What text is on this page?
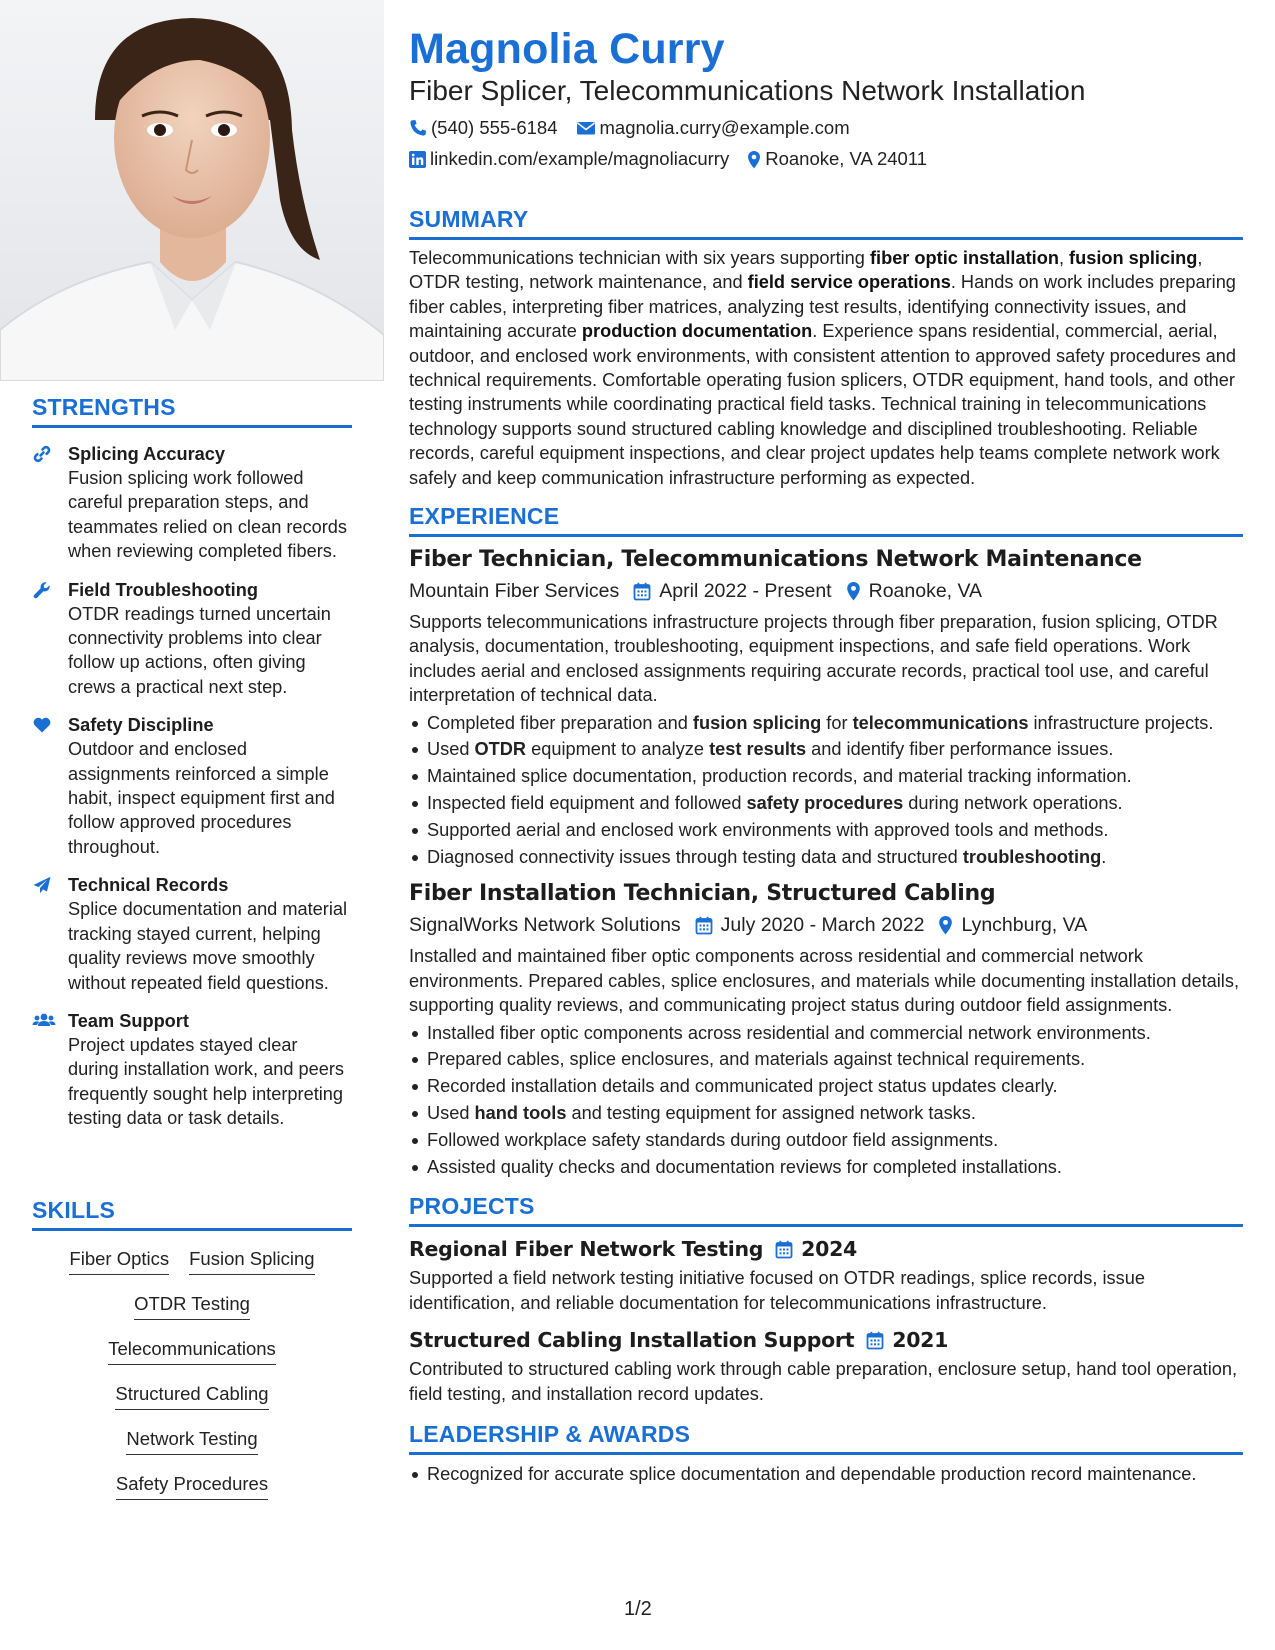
STRENGTHS
Splicing Accuracy
Fusion splicing work followed careful preparation steps, and teammates relied on clean records when reviewing completed fibers.
Field Troubleshooting
OTDR readings turned uncertain connectivity problems into clear follow up actions, often giving crews a practical next step.
Safety Discipline
Outdoor and enclosed assignments reinforced a simple habit, inspect equipment first and follow approved procedures throughout.
Technical Records
Splice documentation and material tracking stayed current, helping quality reviews move smoothly without repeated field questions.
Team Support
Project updates stayed clear during installation work, and peers frequently sought help interpreting testing data or task details.
SKILLS
Fiber Optics Fusion Splicing
OTDR Testing
Telecommunications
Structured Cabling
Network Testing
Safety Procedures
Magnolia Curry
Fiber Splicer, Telecommunications Network Installation
(540) 555-6184 magnolia.curry@example.com
linkedin.com/example/magnoliacurry Roanoke, VA 24011
SUMMARY
Telecommunications technician with six years supporting fiber optic installation, fusion splicing, OTDR testing, network maintenance, and field service operations. Hands on work includes preparing fiber cables, interpreting fiber matrices, analyzing test results, identifying connectivity issues, and maintaining accurate production documentation. Experience spans residential, commercial, aerial, outdoor, and enclosed work environments, with consistent attention to approved safety procedures and technical requirements. Comfortable operating fusion splicers, OTDR equipment, hand tools, and other testing instruments while coordinating practical field tasks. Technical training in telecommunications technology supports sound structured cabling knowledge and disciplined troubleshooting. Reliable records, careful equipment inspections, and clear project updates help teams complete network work safely and keep communication infrastructure performing as expected.
EXPERIENCE
Fiber Technician, Telecommunications Network Maintenance
Mountain Fiber Services April 2022 - Present Roanoke, VA
Supports telecommunications infrastructure projects through fiber preparation, fusion splicing, OTDR analysis, documentation, troubleshooting, equipment inspections, and safe field operations. Work includes aerial and enclosed assignments requiring accurate records, practical tool use, and careful interpretation of technical data.
Completed fiber preparation and fusion splicing for telecommunications infrastructure projects.
Used OTDR equipment to analyze test results and identify fiber performance issues.
Maintained splice documentation, production records, and material tracking information.
Inspected field equipment and followed safety procedures during network operations.
Supported aerial and enclosed work environments with approved tools and methods.
Diagnosed connectivity issues through testing data and structured troubleshooting.
Fiber Installation Technician, Structured Cabling
SignalWorks Network Solutions July 2020 - March 2022 Lynchburg, VA
Installed and maintained fiber optic components across residential and commercial network environments. Prepared cables, splice enclosures, and materials while documenting installation details, supporting quality reviews, and communicating project status during outdoor field assignments.
Installed fiber optic components across residential and commercial network environments.
Prepared cables, splice enclosures, and materials against technical requirements.
Recorded installation details and communicated project status updates clearly.
Used hand tools and testing equipment for assigned network tasks.
Followed workplace safety standards during outdoor field assignments.
Assisted quality checks and documentation reviews for completed installations.
PROJECTS
Regional Fiber Network Testing 2024
Supported a field network testing initiative focused on OTDR readings, splice records, issue identification, and reliable documentation for telecommunications infrastructure.
Structured Cabling Installation Support 2021
Contributed to structured cabling work through cable preparation, enclosure setup, hand tool operation, field testing, and installation record updates.
LEADERSHIP & AWARDS
Recognized for accurate splice documentation and dependable production record maintenance.
1/2
